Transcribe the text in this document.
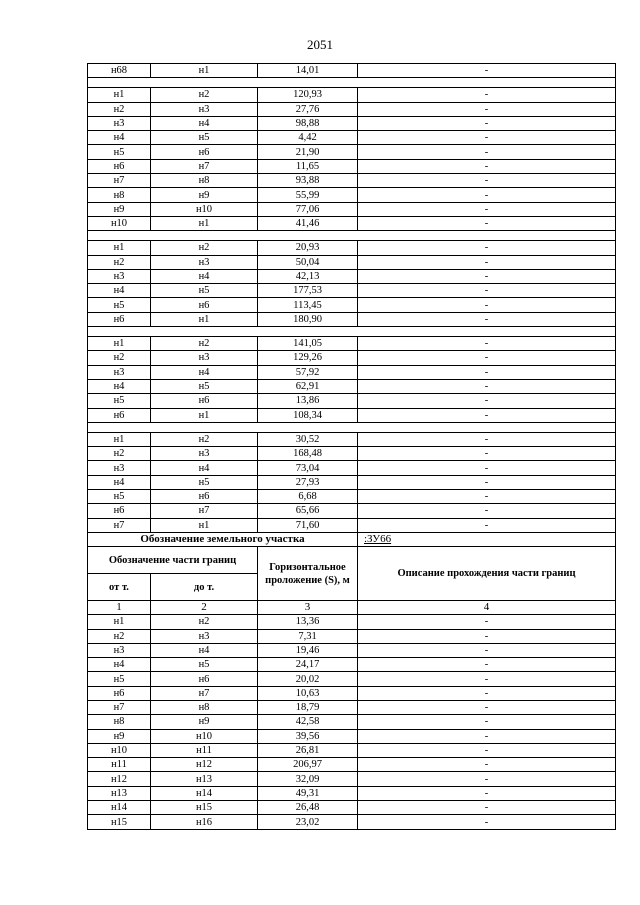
2051
н68	н1	14,01	-

н1	н2	120,93	-
н2	н3	27,76	-
н3	н4	98,88	-
н4	н5	4,42	-
н5	н6	21,90	-
н6	н7	11,65	-
н7	н8	93,88	-
н8	н9	55,99	-
н9	н10	77,06	-
н10	н1	41,46	-

н1	н2	20,93	-
н2	н3	50,04	-
н3	н4	42,13	-
н4	н5	177,53	-
н5	н6	113,45	-
н6	н1	180,90	-

н1	н2	141,05	-
н2	н3	129,26	-
н3	н4	57,92	-
н4	н5	62,91	-
н5	н6	13,86	-
н6	н1	108,34	-

н1	н2	30,52	-
н2	н3	168,48	-
н3	н4	73,04	-
н4	н5	27,93	-
н5	н6	6,68	-
н6	н7	65,66	-
н7	н1	71,60	-
Обозначение земельного участка			:ЗУ66
Обозначение части границ		Горизонтальное проложение (S), м	Описание прохождения части границ
от т.	до т.		
1	2	3	4
н1	н2	13,36	-
н2	н3	7,31	-
н3	н4	19,46	-
н4	н5	24,17	-
н5	н6	20,02	-
н6	н7	10,63	-
н7	н8	18,79	-
н8	н9	42,58	-
н9	н10	39,56	-
н10	н11	26,81	-
н11	н12	206,97	-
н12	н13	32,09	-
н13	н14	49,31	-
н14	н15	26,48	-
н15	н16	23,02	-
